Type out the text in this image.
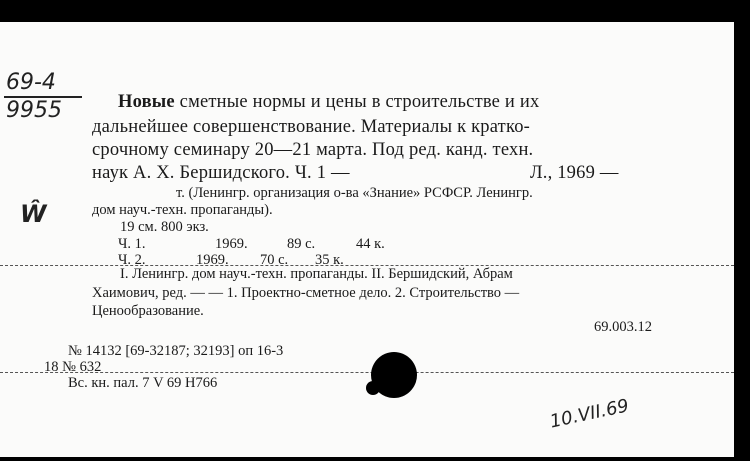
69-4
9955
Ŵ
Новые сметные нормы и цены в строительстве и их
дальнейшее совершенствование. Материалы к кратко-
срочному семинару 20—21 марта. Под ред. канд. техн.
наук А. Х. Бершидского. Ч. 1 —	Л., 1969 —
т. (Ленингр. организация о-ва «Знание» РСФСР. Ленингр.
дом науч.-техн. пропаганды).
19 см. 800 экз.
Ч. 1.	1969.	89 с.	44 к.
Ч. 2.	1969. 70 с. 35 к.
I. Ленингр. дом науч.-техн. пропаганды. II. Бершидский, Абрам
Хаимович, ред. — — 1. Проектно-сметное дело. 2. Строительство —
Ценообразование.
69.003.12
№ 14132 [69-32187; 32193] оп 16-3
18 № 632
Вс. кн. пал. 7 V 69 Н766
10.VII.69
